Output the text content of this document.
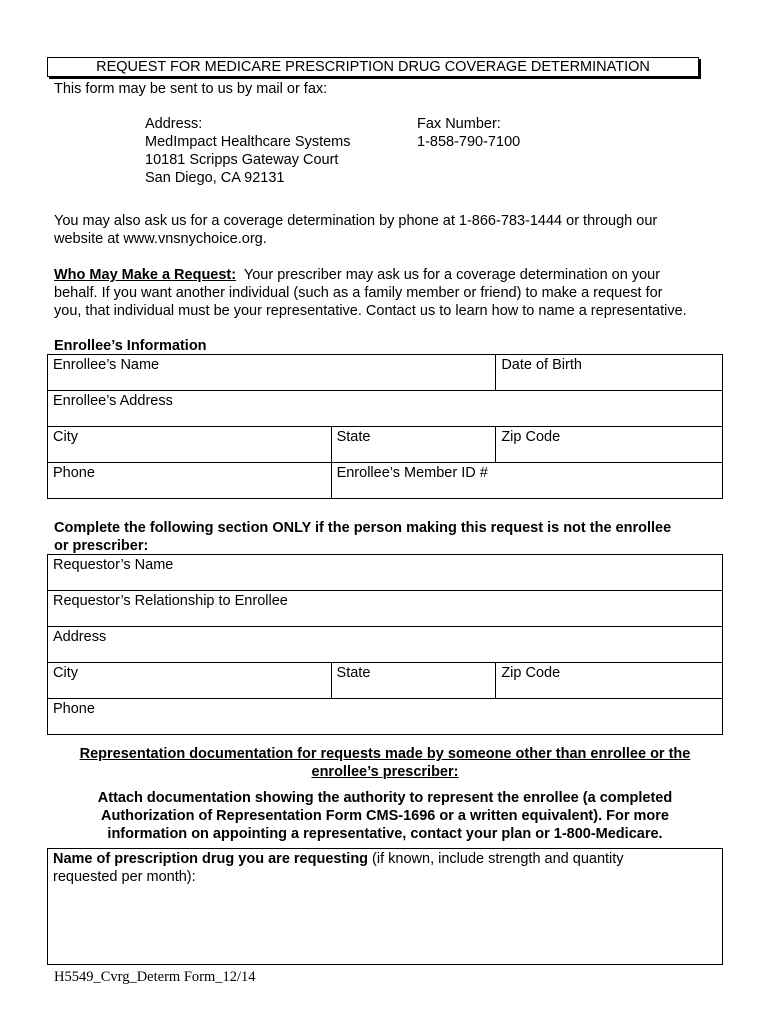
REQUEST FOR MEDICARE PRESCRIPTION DRUG COVERAGE DETERMINATION
This form may be sent to us by mail or fax:
Address:
MedImpact Healthcare Systems
10181 Scripps Gateway Court
San Diego, CA 92131
Fax Number:
1-858-790-7100
You may also ask us for a coverage determination by phone at 1-866-783-1444 or through our
website at www.vnsnychoice.org.
Who May Make a Request:  Your prescriber may ask us for a coverage determination on your
behalf. If you want another individual (such as a family member or friend) to make a request for
you, that individual must be your representative. Contact us to learn how to name a representative.
Enrollee’s Information
Enrollee’s Name		Date of Birth
Enrollee’s Address		
City	State	Zip Code
Phone	Enrollee’s Member ID #	
Complete the following section ONLY if the person making this request is not the enrollee
or prescriber:
Requestor’s Name
Requestor’s Relationship to Enrollee
Address
City	State	Zip Code
Phone
Representation documentation for requests made by someone other than enrollee or the
enrollee’s prescriber:
Attach documentation showing the authority to represent the enrollee (a completed
Authorization of Representation Form CMS-1696 or a written equivalent). For more
information on appointing a representative, contact your plan or 1-800-Medicare.
Name of prescription drug you are requesting (if known, include strength and quantity
requested per month):
H5549_Cvrg_Determ Form_12/14
